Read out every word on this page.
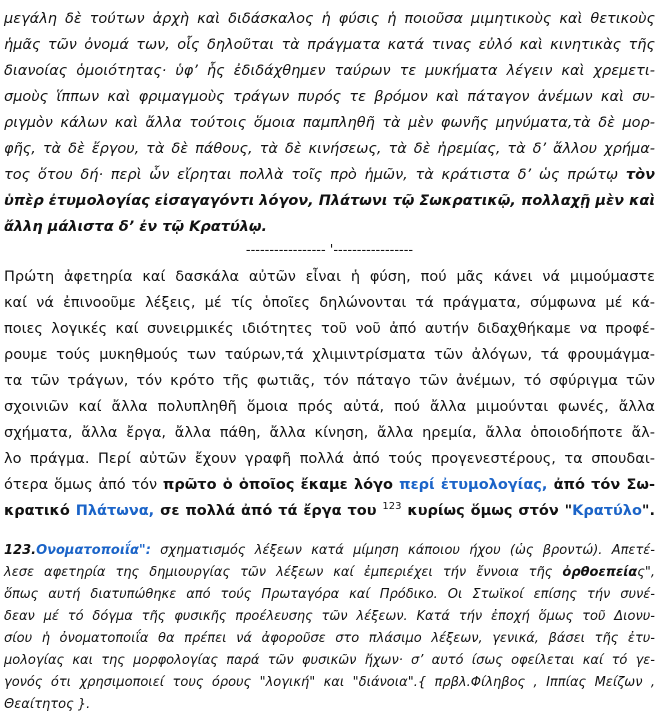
μεγάλη δὲ τούτων ἀρχὴ καὶ διδάσκαλος ἡ φύσις ἡ ποιοῦσα μιμητικοὺς καὶ θετικοὺς
ἡμᾶς τῶν ὀνομά των, οἷς δηλοῦται τὰ πράγματα κατά τινας εὐλό καὶ κινητικὰς τῆς
διανοίας ὁμοιότητας· ὑφ’ ἧς ἐδιδάχθημεν ταύρων τε μυκήματα λέγειν καὶ χρεμετι-
σμοὺς ἵππων καὶ φριμαγμοὺς τράγων πυρός τε βρόμον καὶ πάταγον ἀνέμων καὶ συ-
ριγμὸν κάλων καὶ ἄλλα τούτοις ὅμοια παμπληθῆ τὰ μὲν φωνῆς μηνύματα,τὰ δὲ μορ-
φῆς, τὰ δὲ ἔργου, τὰ δὲ πάθους, τὰ δὲ κινήσεως, τὰ δὲ ἠρεμίας, τὰ δ’ ἄλλου χρήμα-
τος ὅτου δή· περὶ ὧν εἴρηται πολλὰ τοῖς πρὸ ἡμῶν, τὰ κράτιστα δ’ ὡς πρώτῳ τὸν
ὑπὲρ ἐτυμολογίας εἰσαγαγόντι λόγον, Πλάτωνι τῷ Σωκρατικῷ, πολλαχῇ μὲν καὶ
ἄλλη μάλιστα δ’ ἐν τῷ Κρατύλῳ.
----------------- '-----------------
Πρώτη ἀφετηρία καί δασκάλα αὐτῶν εἶναι ἡ φύση, πού μᾶς κάνει νά μιμούμαστε
καί νά ἐπινοοῦμε λέξεις, μέ τίς ὁποῖες δηλώνονται τά πράγματα, σύμφωνα μέ κά-
ποιες λογικές καί συνειρμικές ιδιότητες τοῦ νοῦ ἀπό αυτήν διδαχθήκαμε να προφέ-
ρουμε τούς μυκηθμούς των ταύρων,τά χλιμιντρίσματα τῶν ἀλόγων, τά φρουμάγμα-
τα τῶν τράγων, τόν κρότο τῆς φωτιᾶς, τόν πάταγο τῶν ἀνέμων, τό σφύριγμα τῶν
σχοινιῶν καί ἄλλα πολυπληθῆ ὅμοια πρός αὐτά, πού ἄλλα μιμούνται φωνές, ἄλλα
σχήματα, ἄλλα ἔργα, ἄλλα πάθη, ἄλλα κίνηση, ἄλλα ηρεμία, ἄλλα ὁποιοδήποτε ἄλ-
λο πράγμα. Περί αὐτῶν ἔχουν γραφῆ πολλά ἀπό τούς προγενεστέρους, τα σπουδαι-
ότερα ὅμως ἀπό τόν πρῶτο ὁ ὁποῖος ἔκαμε λόγο περί ἐτυμολογίας, ἀπό τόν Σω-
κρατικό Πλάτωνα, σε πολλά ἀπό τά ἔργα του $^{123}$ κυρίως ὅμως στόν "Κρατύλο".
123.Ονοματοποιΐα": σχηματισμός λέξεων κατά μίμηση κάποιου ήχου (ὡς βροντώ). Απετέ-
λεσε αφετηρία της δημιουργίας τῶν λέξεων καί ἐμπεριέχει τήν ἔννοια τῆς ὀρθοεπείας",
ὅπως αυτή διατυπώθηκε από τούς Πρωταγόρα καί Πρόδικο. Οι Στωϊκοί επίσης τήν συνέ-
δεαν μέ τό δόγμα τῆς φυσικῆς προέλευσης τῶν λέξεων. Κατά τήν ἐποχή ὅμως τοῦ Διονυ-
σίου ἡ ὀνοματοποιΐα θα πρέπει νά ἀφοροῦσε στο πλάσιμο λέξεων, γενικά, βάσει τῆς ἐτυ-
μολογίας και της μορφολογίας παρά τῶν φυσικῶν ἤχων· σ’ αυτό ίσως οφείλεται καί τό γε-
γονός ότι χρησιμοποιεί τους όρους "λογική" και "διάνοια".{ πρβλ.Φίληβος , Ιππίας Μείζων ,
Θεαίτητος }.
